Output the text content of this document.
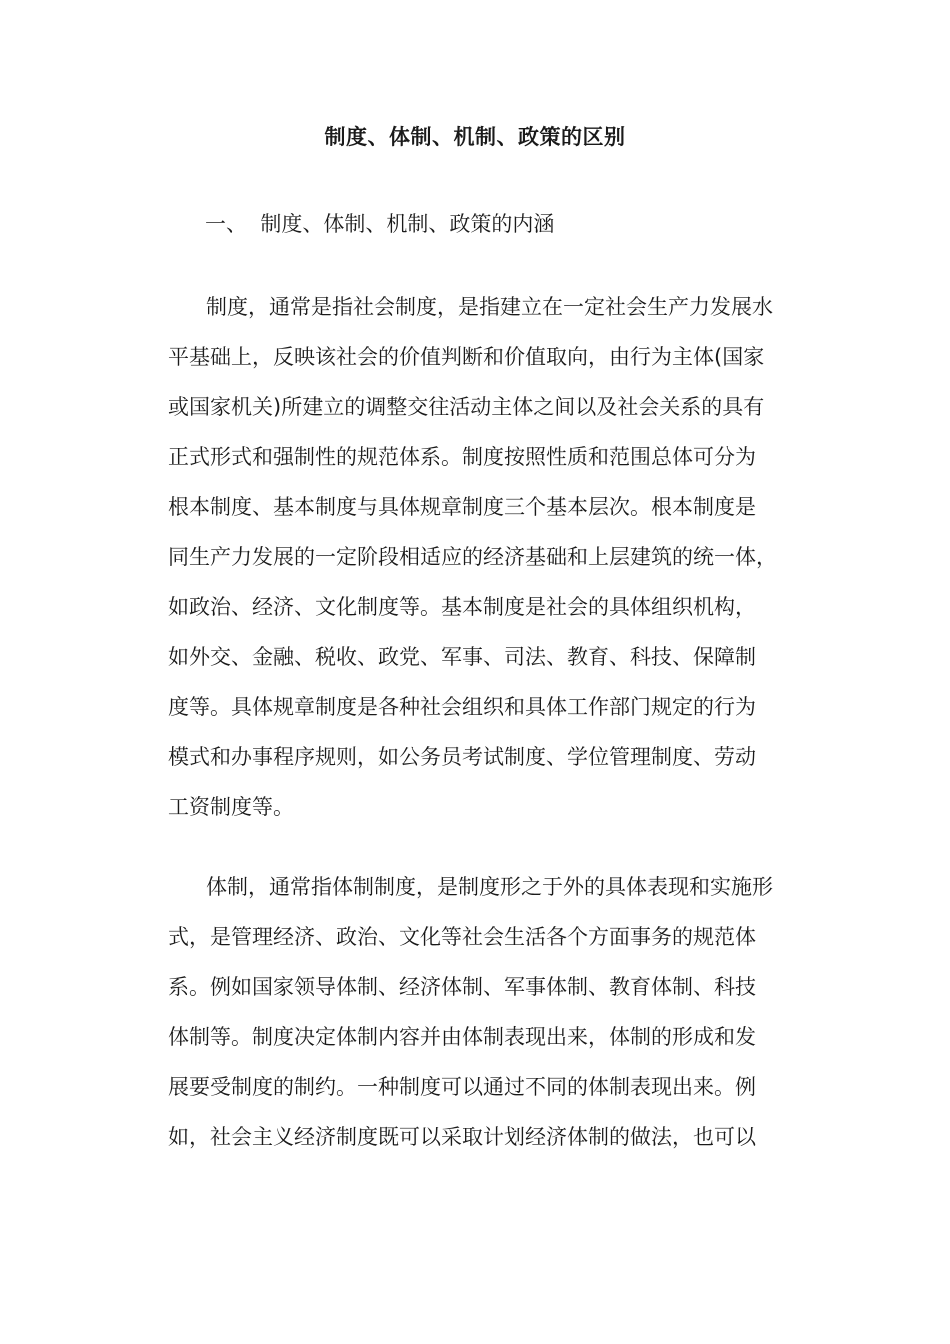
制度、体制、机制、政策的区别
一、  制度、体制、机制、政策的内涵
制度，通常是指社会制度，是指建立在一定社会生产力发展水
平基础上，反映该社会的价值判断和价值取向，由行为主体(国家
或国家机关)所建立的调整交往活动主体之间以及社会关系的具有
正式形式和强制性的规范体系。制度按照性质和范围总体可分为
根本制度、基本制度与具体规章制度三个基本层次。根本制度是
同生产力发展的一定阶段相适应的经济基础和上层建筑的统一体，
如政治、经济、文化制度等。基本制度是社会的具体组织机构，
如外交、金融、税收、政党、军事、司法、教育、科技、保障制
度等。具体规章制度是各种社会组织和具体工作部门规定的行为
模式和办事程序规则，如公务员考试制度、学位管理制度、劳动
工资制度等。
体制，通常指体制制度，是制度形之于外的具体表现和实施形
式，是管理经济、政治、文化等社会生活各个方面事务的规范体
系。例如国家领导体制、经济体制、军事体制、教育体制、科技
体制等。制度决定体制内容并由体制表现出来，体制的形成和发
展要受制度的制约。一种制度可以通过不同的体制表现出来。例
如，社会主义经济制度既可以采取计划经济体制的做法，也可以
